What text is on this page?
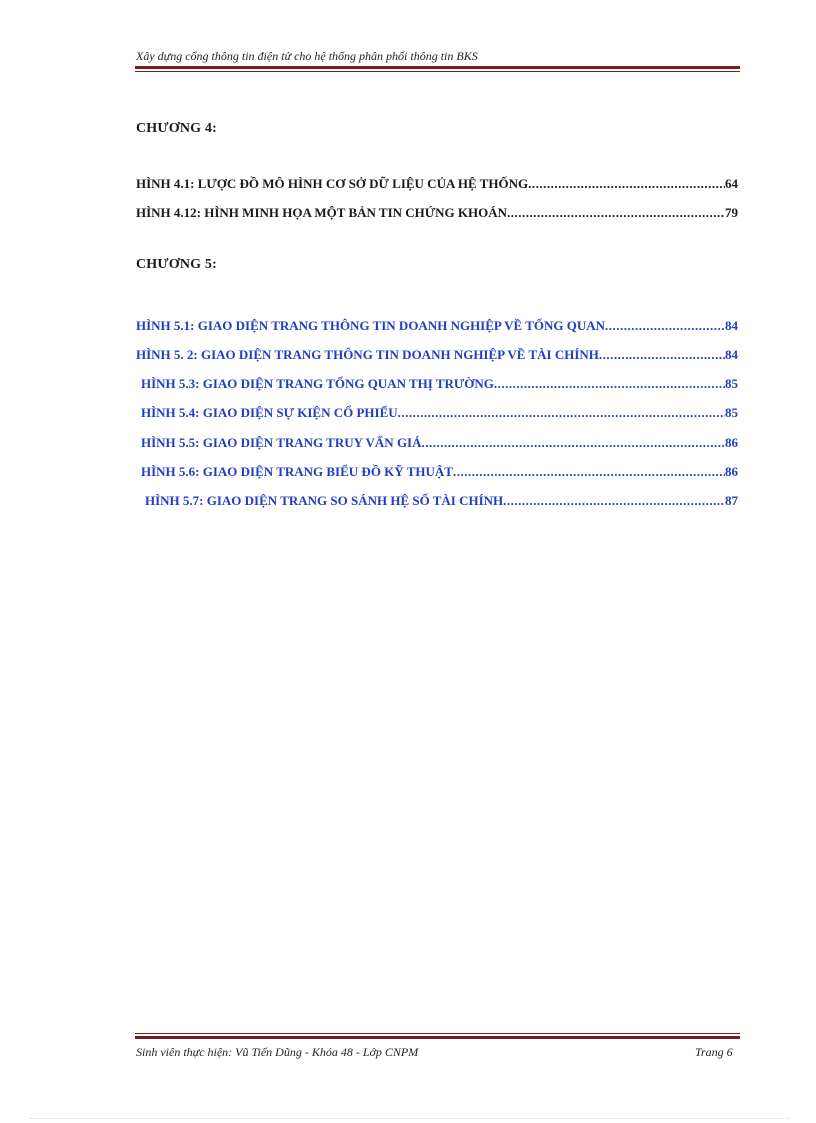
Xây dựng cổng thông tin điện tử cho hệ thống phân phối thông tin BKS
CHƯƠNG 4:
HÌNH 4.1: LƯỢC ĐỒ MÔ HÌNH CƠ SỞ DỮ LIỆU CỦA HỆ THỐNG .....	64
HÌNH 4.12: HÌNH MINH HỌA MỘT BẢN TIN CHỨNG KHOÁN .....	79
CHƯƠNG 5:
HÌNH 5.1: GIAO DIỆN TRANG THÔNG TIN DOANH NGHIỆP VỀ TỔNG QUAN .....	84
HÌNH 5. 2: GIAO DIỆN TRANG THÔNG TIN DOANH NGHIỆP VỀ TÀI CHÍNH .....	84
HÌNH 5.3: GIAO DIỆN TRANG TỔNG QUAN THỊ TRƯỜNG .....	85
HÌNH 5.4: GIAO DIỆN SỰ KIỆN CỔ PHIẾU .....	85
HÌNH 5.5: GIAO DIỆN TRANG TRUY VẤN GIÁ .....	86
HÌNH 5.6: GIAO DIỆN TRANG BIỂU ĐỒ KỸ THUẬT .....	86
HÌNH 5.7: GIAO DIỆN TRANG SO SÁNH HỆ SỐ TÀI CHÍNH .....	87
Sinh viên thực hiện: Vũ Tiến Dũng - Khóa 48 - Lớp CNPM	Trang 6
